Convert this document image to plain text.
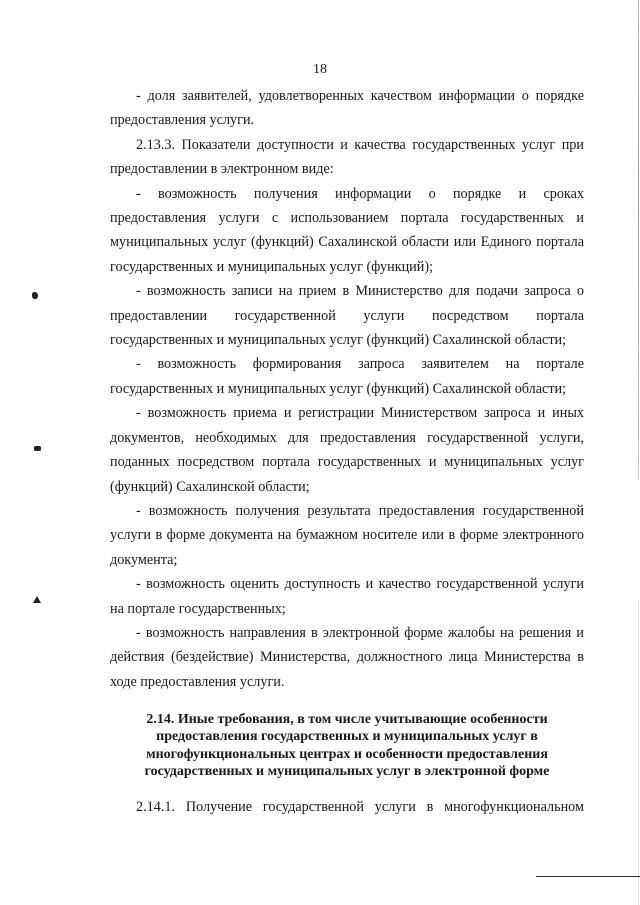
18

- доля заявителей, удовлетворенных качеством информации о порядке

предоставления услуги.

2.13.3. Показатели доступности и качества государственных услуг при

предоставлении в электронном виде:

- возможность получения информации о порядке и сроках

предоставления услуги с использованием портала государственных и

муниципальных услуг (функций) Сахалинской области или Единого портала

государственных и муниципальных услуг (функций);

- возможность записи на прием в Министерство для подачи запроса о

предоставлении государственной услуги посредством портала

государственных и муниципальных услуг (функций) Сахалинской области;

- возможность формирования запроса заявителем на портале

государственных и муниципальных услуг (функций) Сахалинской области;

- возможность приема и регистрации Министерством запроса и иных

документов, необходимых для предоставления государственной услуги,

поданных посредством портала государственных и муниципальных услуг

(функций) Сахалинской области;

- возможность получения результата предоставления государственной

услуги в форме документа на бумажном носителе или в форме электронного

документа;

- возможность оценить доступность и качество государственной услуги

на портале государственных;

- возможность направления в электронной форме жалобы на решения и

действия (бездействие) Министерства, должностного лица Министерства в

ходе предоставления услуги.

2.14. Иные требования, в том числе учитывающие особенности

предоставления государственных и муниципальных услуг в

многофункциональных центрах и особенности предоставления

государственных и муниципальных услуг в электронной форме

2.14.1. Получение государственной услуги в многофункциональном
